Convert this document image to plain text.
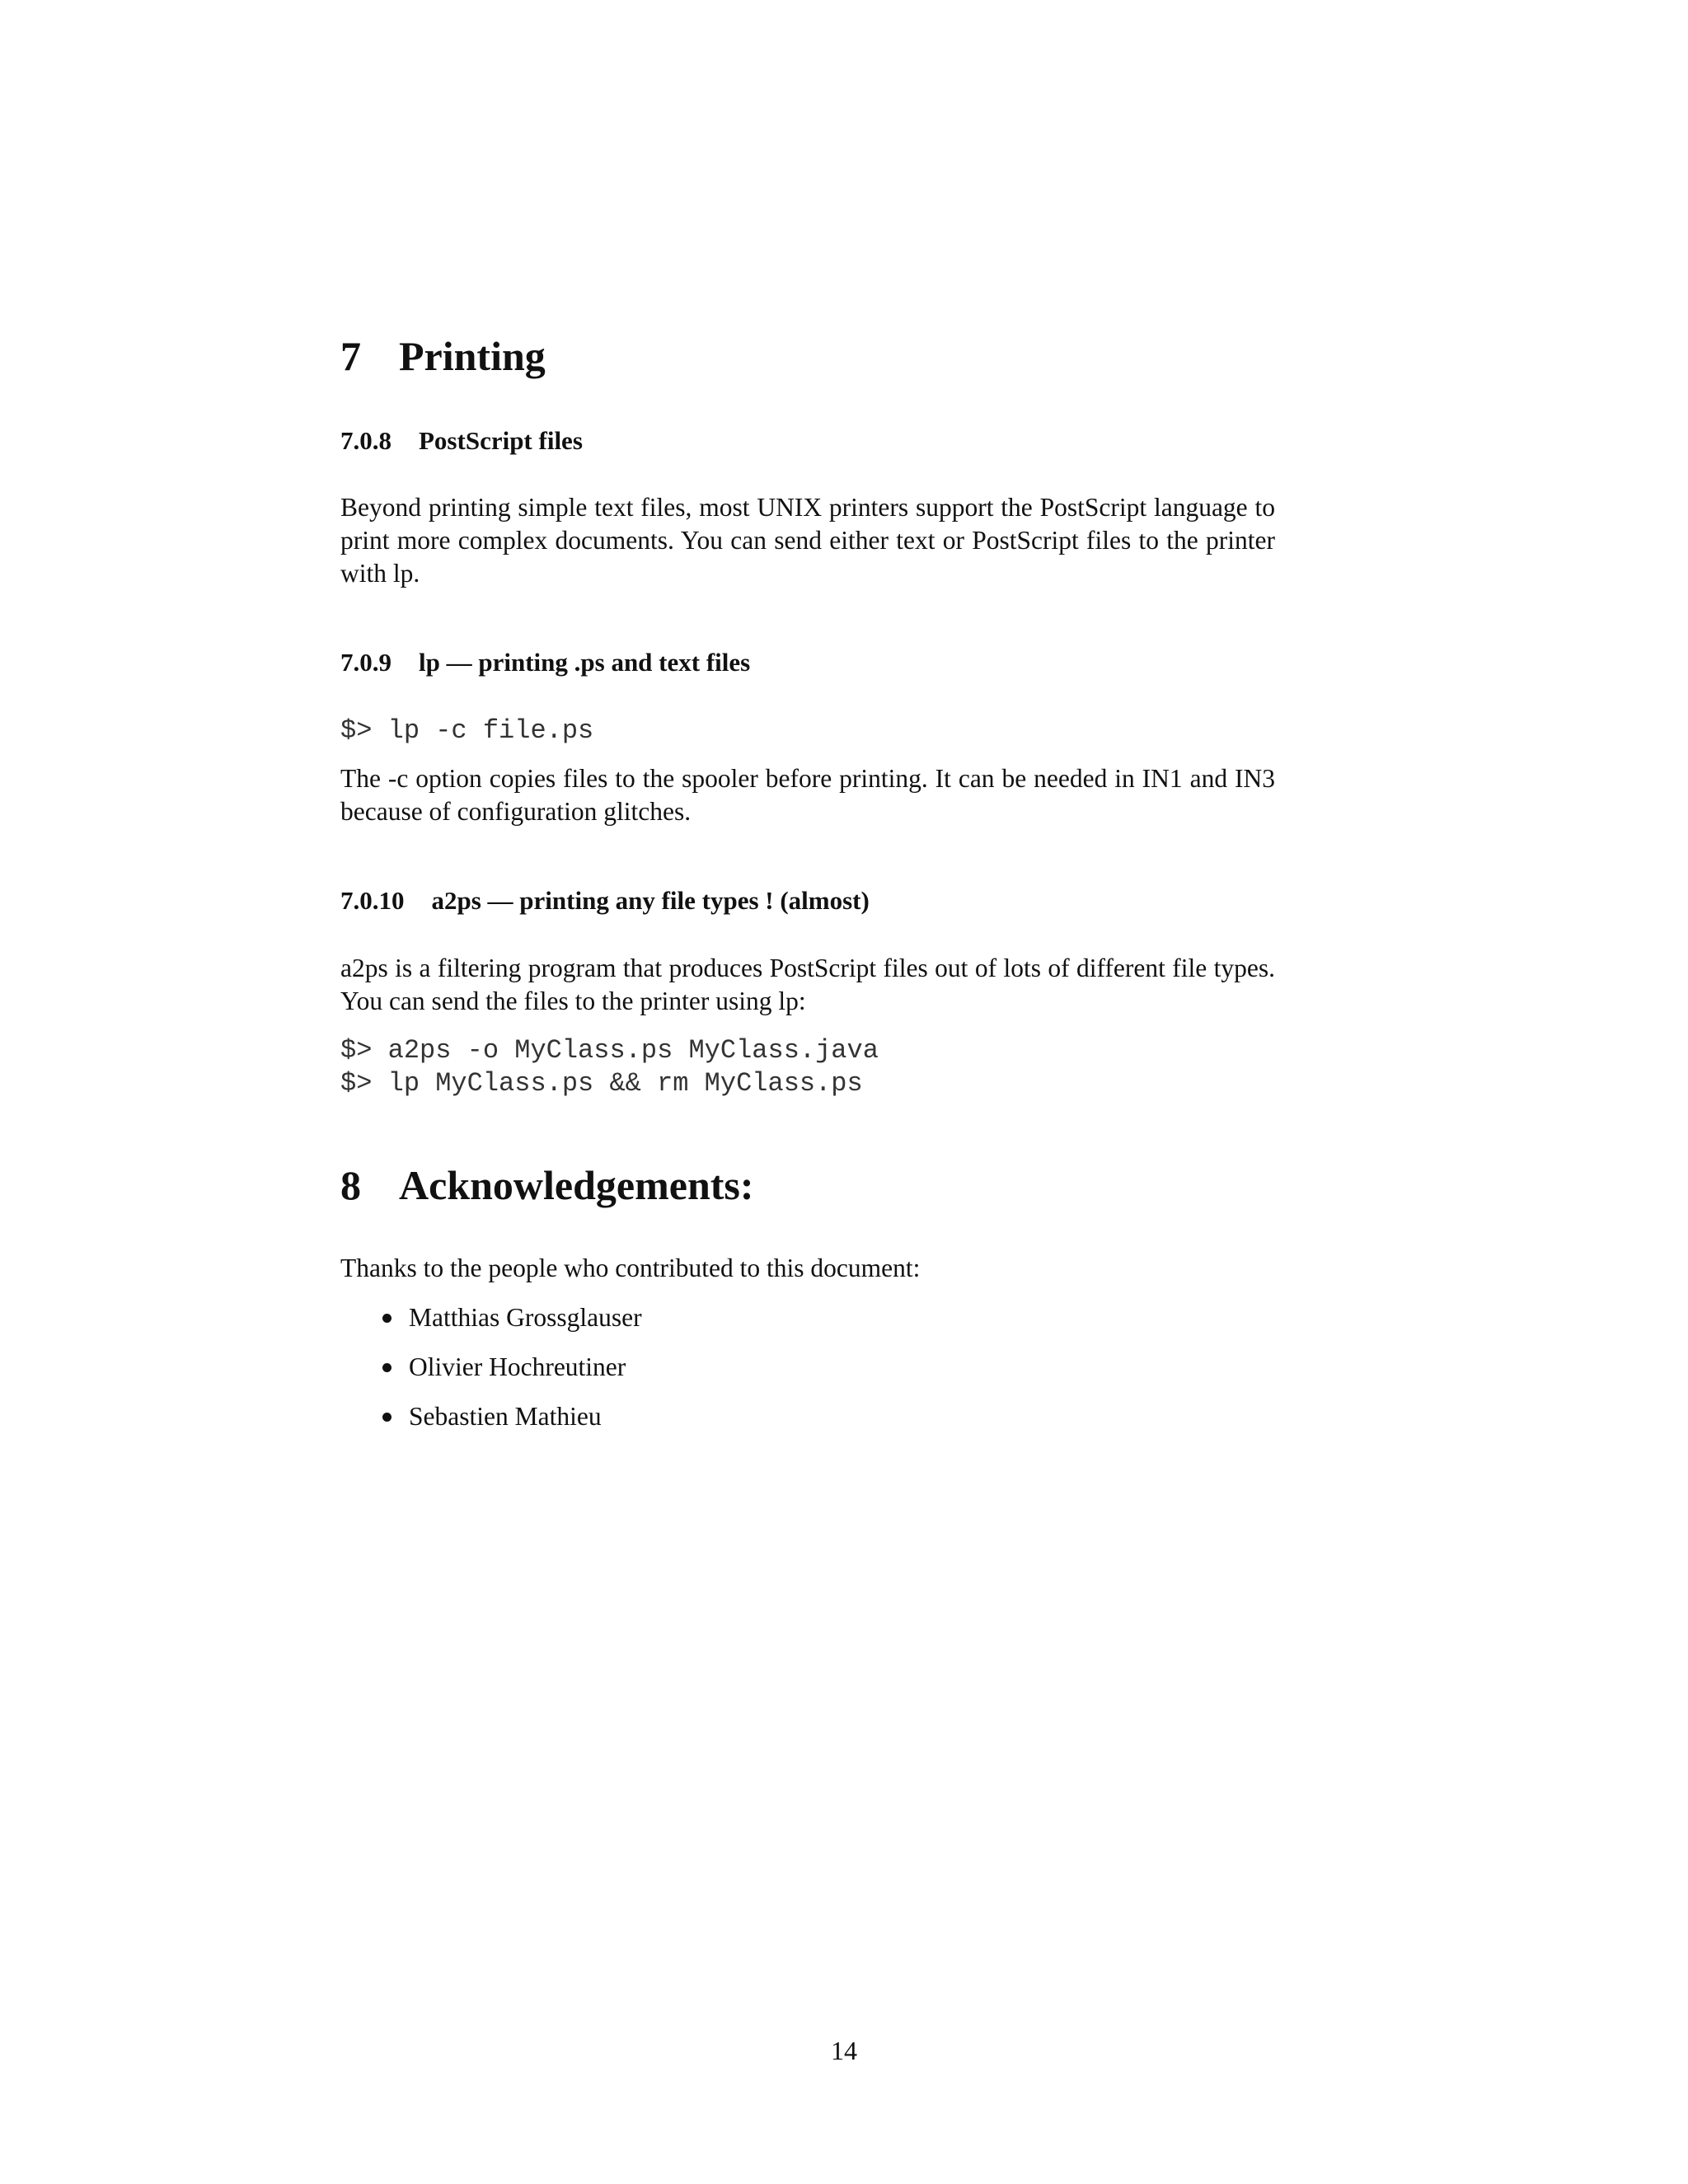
7 Printing
7.0.8 PostScript files
Beyond printing simple text files, most UNIX printers support the PostScript language to print more complex documents. You can send either text or PostScript files to the printer with lp.
7.0.9 lp — printing .ps and text files
$> lp -c file.ps
The -c option copies files to the spooler before printing. It can be needed in IN1 and IN3 because of configuration glitches.
7.0.10 a2ps — printing any file types ! (almost)
a2ps is a filtering program that produces PostScript files out of lots of different file types. You can send the files to the printer using lp:
$> a2ps -o MyClass.ps MyClass.java
$> lp MyClass.ps && rm MyClass.ps
8 Acknowledgements:
Thanks to the people who contributed to this document:
Matthias Grossglauser
Olivier Hochreutiner
Sebastien Mathieu
14
